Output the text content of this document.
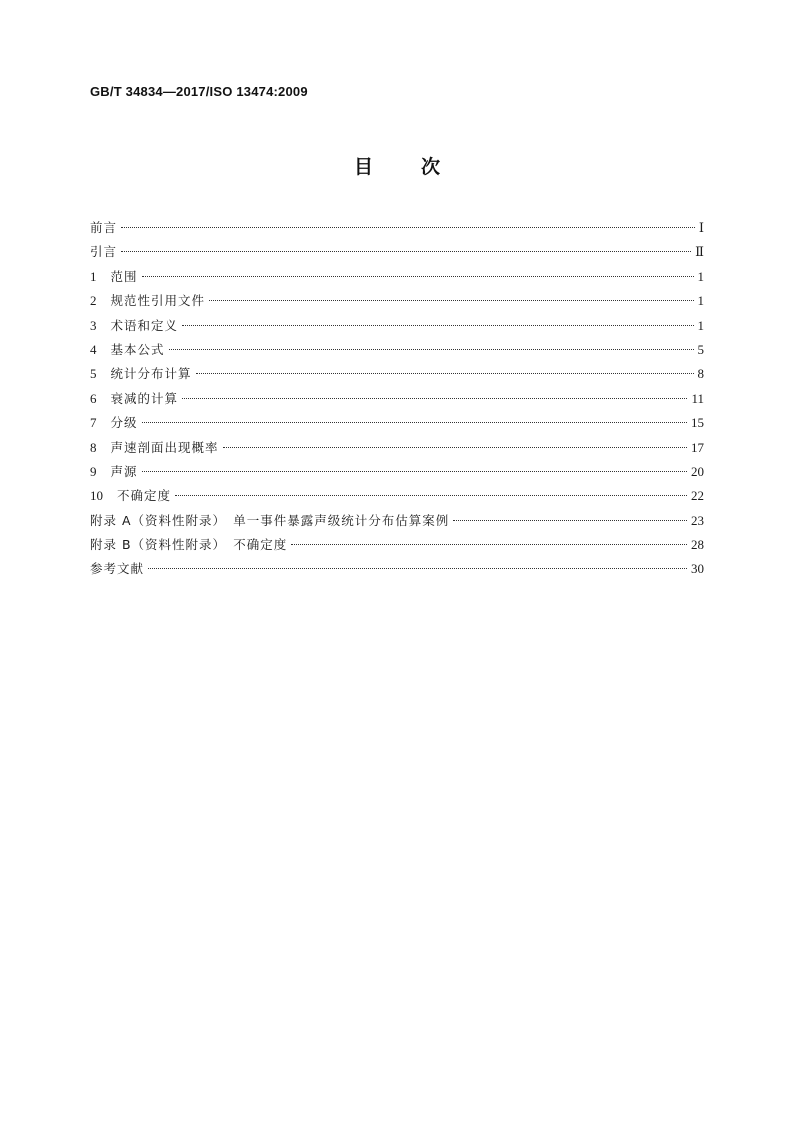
GB/T 34834—2017/ISO 13474:2009
目次
前言	Ⅰ
引言	Ⅱ
1 范围	1
2 规范性引用文件	1
3 术语和定义	1
4 基本公式	5
5 统计分布计算	8
6 衰减的计算	11
7 分级	15
8 声速剖面出现概率	17
9 声源	20
10 不确定度	22
附录 A（资料性附录）　单一事件暴露声级统计分布估算案例	23
附录 B（资料性附录）　不确定度	28
参考文献	30
